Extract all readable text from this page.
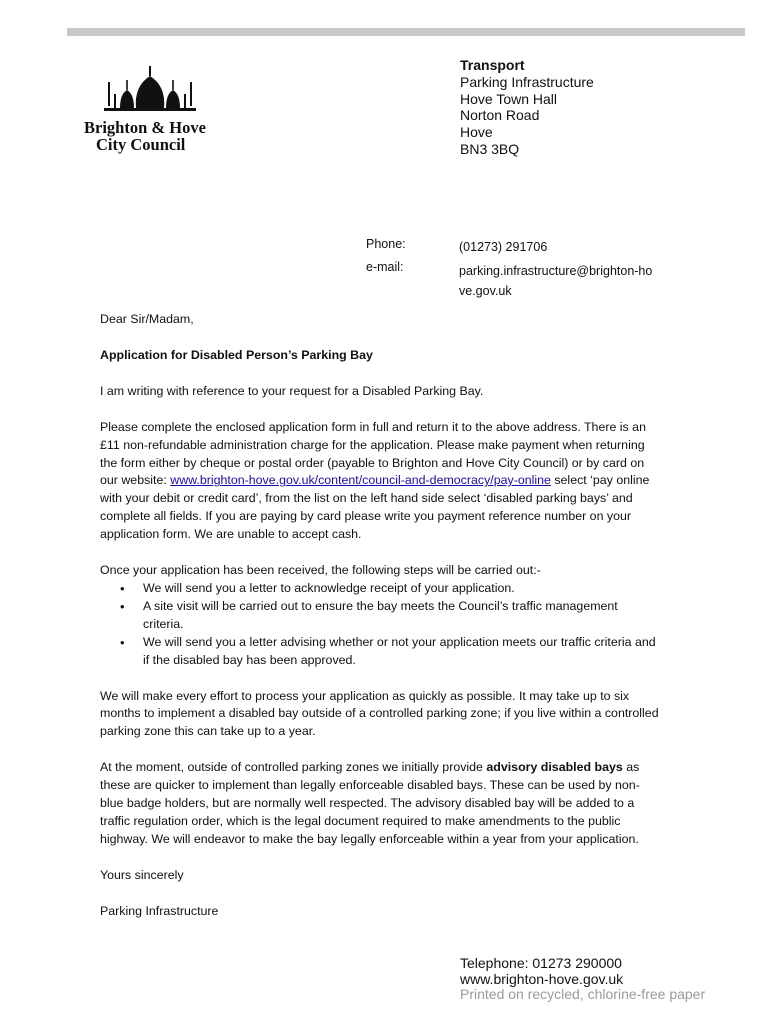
Brighton & Hove
City Council
Transport
Parking Infrastructure
Hove Town Hall
Norton Road
Hove
BN3 3BQ
Phone:	(01273) 291706
e-mail:	parking.infrastructure@brighton-hove.gov.uk

Dear Sir/Madam,

Application for Disabled Person’s Parking Bay

I am writing with reference to your request for a Disabled Parking Bay.

Please complete the enclosed application form in full and return it to the above address. There is an £11 non-refundable administration charge for the application. Please make payment when returning the form either by cheque or postal order (payable to Brighton and Hove City Council) or by card on our website: www.brighton-hove.gov.uk/content/council-and-democracy/pay-online select ‘pay online with your debit or credit card’, from the list on the left hand side select ‘disabled parking bays’ and complete all fields. If you are paying by card please write you payment reference number on your application form. We are unable to accept cash.

Once your application has been received, the following steps will be carried out:-

• We will send you a letter to acknowledge receipt of your application.
• A site visit will be carried out to ensure the bay meets the Council’s traffic management criteria.
• We will send you a letter advising whether or not your application meets our traffic criteria and if the disabled bay has been approved.

We will make every effort to process your application as quickly as possible. It may take up to six months to implement a disabled bay outside of a controlled parking zone; if you live within a controlled parking zone this can take up to a year.

At the moment, outside of controlled parking zones we initially provide advisory disabled bays as these are quicker to implement than legally enforceable disabled bays. These can be used by non-blue badge holders, but are normally well respected. The advisory disabled bay will be added to a traffic regulation order, which is the legal document required to make amendments to the public highway. We will endeavor to make the bay legally enforceable within a year from your application.

Yours sincerely

Parking Infrastructure

Telephone: 01273 290000
www.brighton-hove.gov.uk
Printed on recycled, chlorine-free paper
